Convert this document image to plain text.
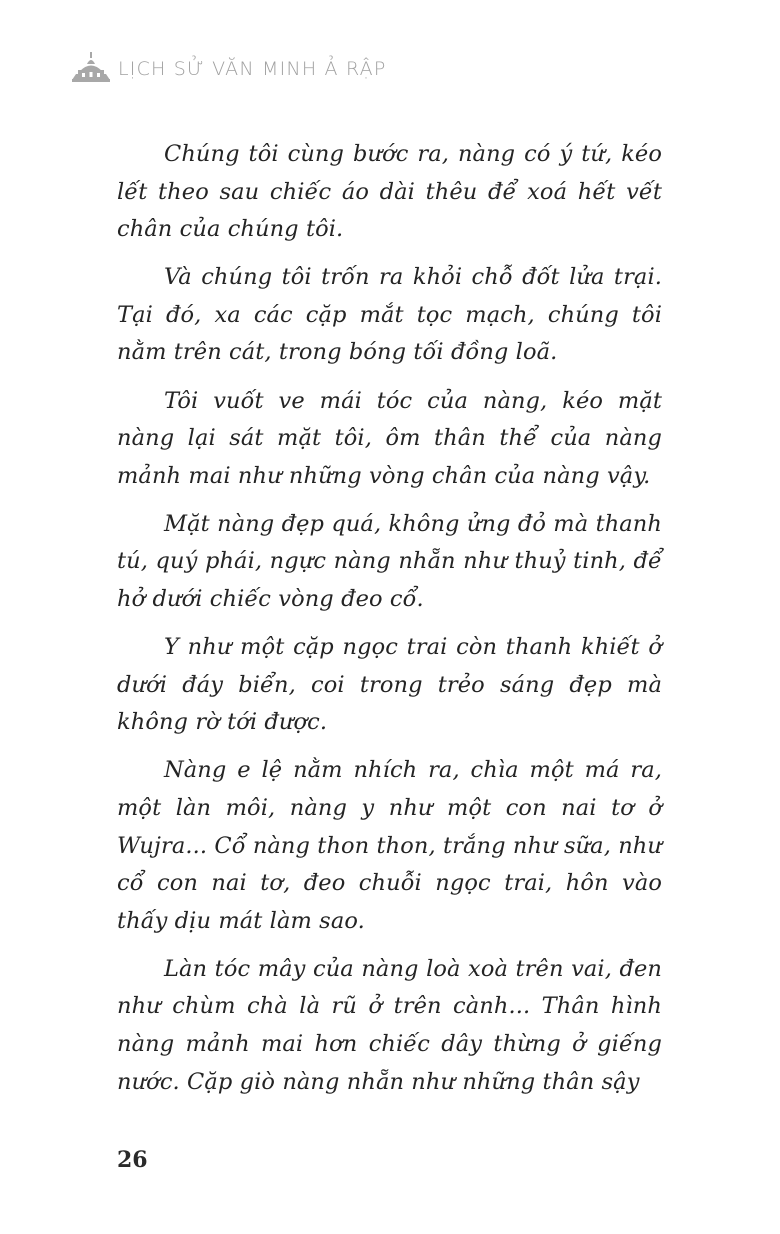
LỊCH SỬ VĂN MINH Ả RẬP

Chúng tôi cùng bước ra, nàng có ý tứ, kéo lết theo sau chiếc áo dài thêu để xoá hết vết chân của chúng tôi.

Và chúng tôi trốn ra khỏi chỗ đốt lửa trại. Tại đó, xa các cặp mắt tọc mạch, chúng tôi nằm trên cát, trong bóng tối đồng loã.

Tôi vuốt ve mái tóc của nàng, kéo mặt nàng lại sát mặt tôi, ôm thân thể của nàng mảnh mai như những vòng chân của nàng vậy.

Mặt nàng đẹp quá, không ửng đỏ mà thanh tú, quý phái, ngực nàng nhẵn như thuỷ tinh, để hở dưới chiếc vòng đeo cổ.

Y như một cặp ngọc trai còn thanh khiết ở dưới đáy biển, coi trong trẻo sáng đẹp mà không rờ tới được.

Nàng e lệ nằm nhích ra, chìa một má ra, một làn môi, nàng y như một con nai tơ ở Wujra... Cổ nàng thon thon, trắng như sữa, như cổ con nai tơ, đeo chuỗi ngọc trai, hôn vào thấy dịu mát làm sao.

Làn tóc mây của nàng loà xoà trên vai, đen như chùm chà là rũ ở trên cành... Thân hình nàng mảnh mai hơn chiếc dây thừng ở giếng nước. Cặp giò nàng nhẵn như những thân sậy

26
